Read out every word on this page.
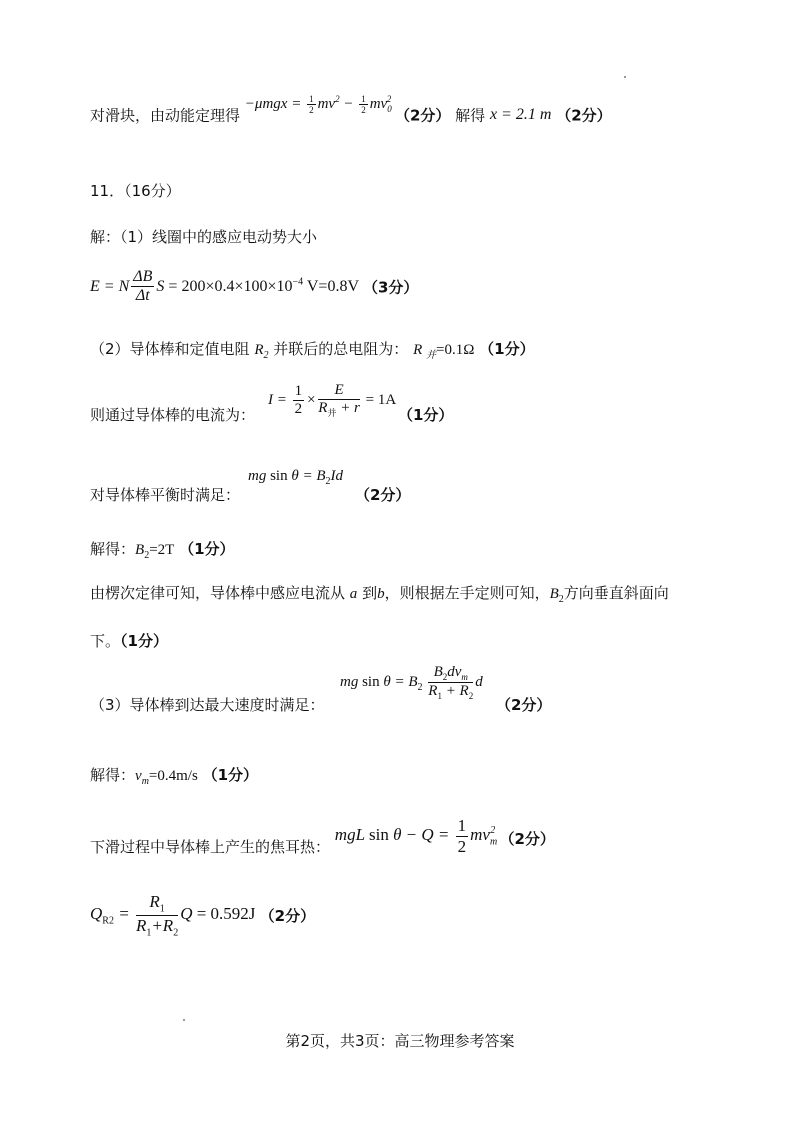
对滑块，由动能定理得 $-\mu mgx = \frac{1}{2} mv^2 - \frac{1}{2} mv_0^2$ （2分） 解得 x = 2.1 m （2分）
11．（16分）
解：（1）线圈中的感应电动势大小
E = N $\frac{\Delta B}{\Delta t}$ $S = 200\times 0.4\times 100\times 10^{-4}$ V=0.8V （3分）
（2）导体棒和定值电阻 $R_2$ 并联后的总电阻为： R $_并$=0.1Ω （1分）
$I = \frac{1}{2} \times \frac{E}{R_并 + r} = 1A$
则通过导体棒的电流为：	（1分）
mg $\sin \theta = B_2Id$
对导体棒平衡时满足：	（2分）
解得：$B_2=2T$ （1分）
由楞次定律可知，导体棒中感应电流从 a 到b，则根据左手定则可知，$B_2$方向垂直斜面向
下。（1分）
mg $\sin \theta = B_2 \frac{B_2dv_m}{R_1 + R_2}$ d
（3）导体棒到达最大速度时满足：	（2分）
解得：$v_m=0.4m/s$ （1分）
下滑过程中导体棒上产生的焦耳热： mgL $\sin \theta - Q = \frac{1}{2} mv_m^2$ （2分）
$Q_{R2} = \frac{R_1}{R_1+R_2}$ Q = 0.592J （2分）
第2页，共3页：高三物理参考答案
